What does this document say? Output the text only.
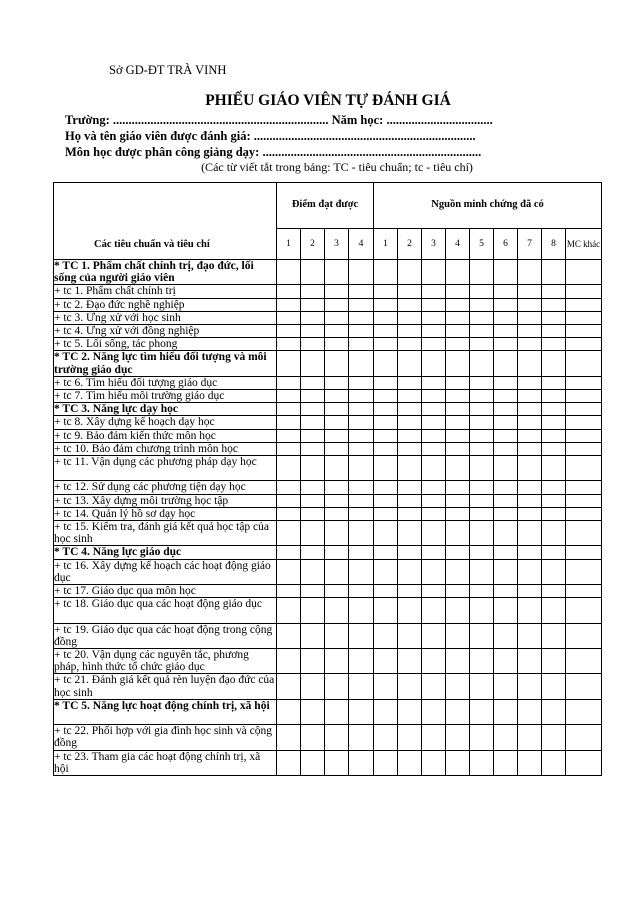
Sở GD-ĐT TRÀ VINH
PHIẾU GIÁO VIÊN TỰ ĐÁNH GIÁ
Trường: ..................................................................... Năm học: ..................................
Họ và tên giáo viên được đánh giá: .......................................................................
Môn học được phân công giảng dạy: ......................................................................
(Các từ viết tắt trong bảng: TC - tiêu chuẩn; tc - tiêu chí)
Các tiêu chuẩn và tiêu chí	Điểm đạt được				Nguồn minh chứng đã có								
	1	2	3	4	1	2	3	4	5	6	7	8	MC khác
* TC 1. Phẩm chất chính trị, đạo đức, lối sống của người giáo viên													
+ tc 1. Phẩm chất chính trị													
+ tc 2. Đạo đức nghề nghiệp													
+ tc 3. Ứng xử với học sinh													
+ tc 4. Ứng xử với đồng nghiệp													
+ tc 5. Lối sống, tác phong													
* TC 2. Năng lực tìm hiểu đối tượng và môi trường giáo dục													
+ tc 6. Tìm hiểu đối tượng giáo dục													
+ tc 7. Tìm hiểu môi trường giáo dục													
* TC 3. Năng lực dạy học													
+ tc 8. Xây dựng kế hoạch dạy học													
+ tc 9. Bảo đảm kiến thức môn học													
+ tc 10. Bảo đảm chương trình môn học													
+ tc 11. Vận dụng các phương pháp dạy học													
+ tc 12. Sử dụng các phương tiện dạy học													
+ tc 13. Xây dựng môi trường học tập													
+ tc 14. Quản lý hồ sơ dạy học													
+ tc 15. Kiểm tra, đánh giá kết quả học tập của học sinh													
* TC 4. Năng lực giáo dục													
+ tc 16. Xây dựng kế hoạch các hoạt động giáo dục													
+ tc 17. Giáo dục qua môn học													
+ tc 18. Giáo dục qua các hoạt động giáo dục													
+ tc 19. Giáo dục qua các hoạt động trong cộng đồng													
+ tc 20. Vận dụng các nguyên tắc, phương pháp, hình thức tổ chức giáo dục													
+ tc 21. Đánh giá kết quả rèn luyện đạo đức của học sinh													
* TC 5. Năng lực hoạt động chính trị, xã hội													
+ tc 22. Phối hợp với gia đình học sinh và cộng đồng													
+ tc 23. Tham gia các hoạt động chính trị, xã hội													
